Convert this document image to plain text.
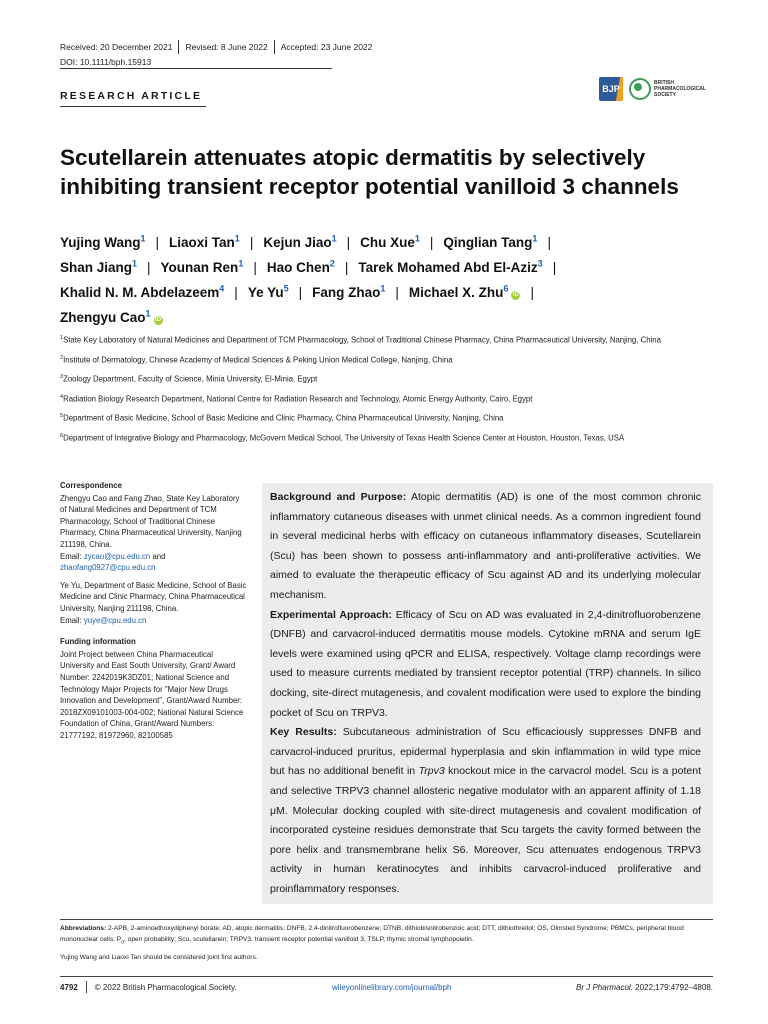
Received: 20 December 2021	Revised: 8 June 2022	Accepted: 23 June 2022
DOI: 10.1111/bph.15913
RESEARCH ARTICLE
BJP
BRITISH
PHARMACOLOGICAL
SOCIETY
Scutellarein attenuates atopic dermatitis by selectively inhibiting transient receptor potential vanilloid 3 channels
Yujing Wang$^1$ | Liaoxi Tan$^1$ | Kejun Jiao$^1$ | Chu Xue$^1$ | Qinglian Tang$^1$ |
Shan Jiang$^1$ | Younan Ren$^1$ | Hao Chen$^2$ | Tarek Mohamed Abd El-Aziz$^3$ |
Khalid N. M. Abdelazeem$^4$ | Ye Yu$^5$ | Fang Zhao$^1$ | Michael X. Zhu$^6$iD |
Zhengyu Cao$^1$iD

$^1$State Key Laboratory of Natural Medicines and Department of TCM Pharmacology, School of Traditional Chinese Pharmacy, China Pharmaceutical University, Nanjing, China

$^2$Institute of Dermatology, Chinese Academy of Medical Sciences & Peking Union Medical College, Nanjing, China

$^3$Zoology Department, Faculty of Science, Minia University, El-Minia, Egypt

$^4$Radiation Biology Research Department, National Centre for Radiation Research and Technology, Atomic Energy Authority, Cairo, Egypt

$^5$Department of Basic Medicine, School of Basic Medicine and Clinic Pharmacy, China Pharmaceutical University, Nanjing, China

$^6$Department of Integrative Biology and Pharmacology, McGovern Medical School, The University of Texas Health Science Center at Houston, Houston, Texas, USA

Correspondence

Zhengyu Cao and Fang Zhao, State Key Laboratory of Natural Medicines and Department of TCM Pharmacology, School of Traditional Chinese Pharmacy, China Pharmaceutical University, Nanjing 211198, China.
Email: zycao@cpu.edu.cn and
zhaofang0927@cpu.edu.cn

Ye Yu, Department of Basic Medicine, School of Basic Medicine and Clinic Pharmacy, China Pharmaceutical University, Nanjing 211198, China.
Email: yuye@cpu.edu.cn

Funding information

Joint Project between China Pharmaceutical University and East South University, Grant/ Award Number: 2242019K3DZ01; National Science and Technology Major Projects for "Major New Drugs Innovation and Development", Grant/Award Number: 2018ZX09101003-004-002; National Natural Science Foundation of China, Grant/Award Numbers: 21777192, 81972960, 82100585

Background and Purpose: Atopic dermatitis (AD) is one of the most common chronic inflammatory cutaneous diseases with unmet clinical needs. As a common ingredient found in several medicinal herbs with efficacy on cutaneous inflammatory diseases, Scutellarein (Scu) has been shown to possess anti-inflammatory and anti-proliferative activities. We aimed to evaluate the therapeutic efficacy of Scu against AD and its underlying molecular mechanism.

Experimental Approach: Efficacy of Scu on AD was evaluated in 2,4-dinitrofluorobenzene (DNFB) and carvacrol-induced dermatitis mouse models. Cytokine mRNA and serum IgE levels were examined using qPCR and ELISA, respectively. Voltage clamp recordings were used to measure currents mediated by transient receptor potential (TRP) channels. In silico docking, site-direct mutagenesis, and covalent modification were used to explore the binding pocket of Scu on TRPV3.

Key Results: Subcutaneous administration of Scu efficaciously suppresses DNFB and carvacrol-induced pruritus, epidermal hyperplasia and skin inflammation in wild type mice but has no additional benefit in Trpv3 knockout mice in the carvacrol model. Scu is a potent and selective TRPV3 channel allosteric negative modulator with an apparent affinity of 1.18 μM. Molecular docking coupled with site-direct mutagenesis and covalent modification of incorporated cysteine residues demonstrate that Scu targets the cavity formed between the pore helix and transmembrane helix S6. Moreover, Scu attenuates endogenous TRPV3 activity in human keratinocytes and inhibits carvacrol-induced proliferative and proinflammatory responses.

Abbreviations: 2-APB, 2-aminoethoxydiphenyl borate; AD, atopic dermatitis; DNFB, 2,4-dinitrofluorobenzene; DTNB, dithiobisnitrobenzoic acid; DTT, dithiothreitol; OS, Olmsted Syndrome; PBMCs, peripheral blood mononuclear cells; $P_o$, open probability; Scu, scutellarein; TRPV3, transient receptor potential vanilloid 3; TSLP, thymic stromal lymphopoietin.
Yujing Wang and Liaoxi Tan should be considered joint first authors.
4792 © 2022 British Pharmacological Society.	wileyonlinelibrary.com/journal/bph	Br J Pharmacol. 2022;179:4792–4808.
